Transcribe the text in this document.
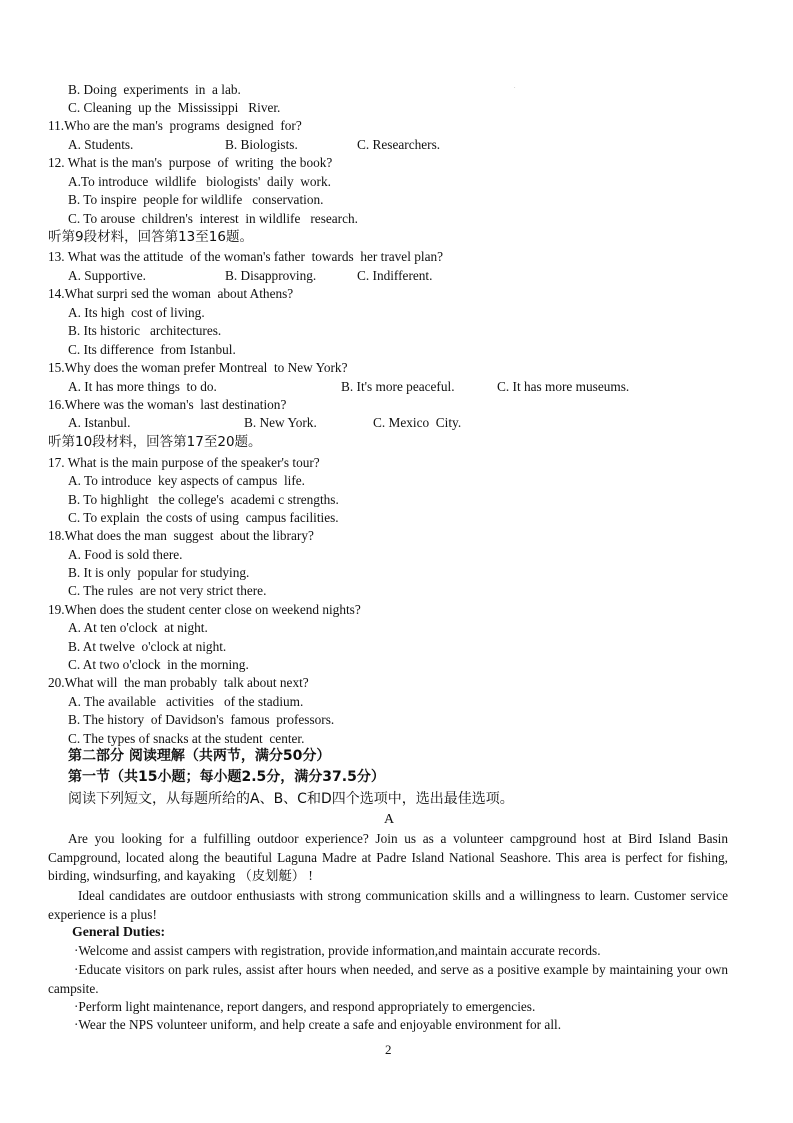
.
B. Doing  experiments  in  a lab.
C. Cleaning  up the  Mississippi   River.
11.Who are the man's  programs  designed  for?
A. Students.	B. Biologists.	C. Researchers.
12. What is the man's  purpose  of  writing  the book?
A.To introduce  wildlife   biologists'  daily  work.
B. To inspire  people for wildlife   conservation.
C. To arouse  children's  interest  in wildlife   research.
听第9段材料，回答第13至16题。
13. What was the attitude  of the woman's father  towards  her travel plan?
A. Supportive.	B. Disapproving.	C. Indifferent.
14.What surpri sed the woman  about Athens?
A. Its high  cost of living.
B. Its historic   architectures.
C. Its difference  from Istanbul.
15.Why does the woman prefer Montreal  to New York?
A. It has more things  to do.	B. It's more peaceful.	C. It has more museums.
16.Where was the woman's  last destination?
A. Istanbul.	B. New York.	C. Mexico  City.
听第10段材料，回答第17至20题。
17. What is the main purpose of the speaker's tour?
A. To introduce  key aspects of campus  life.
B. To highlight   the college's  academi c strengths.
C. To explain  the costs of using  campus facilities.
18.What does the man  suggest  about the library?
A. Food is sold there.
B. It is only  popular for studying.
C. The rules  are not very strict there.
19.When does the student center close on weekend nights?
A. At ten o'clock  at night.
B. At twelve  o'clock at night.
C. At two o'clock  in the morning.
20.What will  the man probably  talk about next?
A. The available   activities   of the stadium.
B. The history  of Davidson's  famous  professors.
C. The types of snacks at the student  center.
第二部分 阅读理解（共两节，满分50分）
第一节（共15小题；每小题2.5分，满分37.5分）
阅读下列短文，从每题所给的A、B、C和D四个选项中，选出最佳选项。
A

Are you looking for a fulfilling outdoor experience? Join us as a volunteer campground host at Bird Island Basin Campground, located along the beautiful Laguna Madre at Padre Island National Seashore. This area is perfect for fishing, birding, windsurfing, and kayaking （皮划艇） !

Ideal candidates are outdoor enthusiasts with strong communication skills and a willingness to learn. Customer service experience is a plus!

General Duties:

·Welcome and assist campers with registration, provide information,and maintain accurate records.

·Educate visitors on park rules, assist after hours when needed, and serve as a positive example by maintaining your own campsite.

·Perform light maintenance, report dangers, and respond appropriately to emergencies.

·Wear the NPS volunteer uniform, and help create a safe and enjoyable environment for all.

2
